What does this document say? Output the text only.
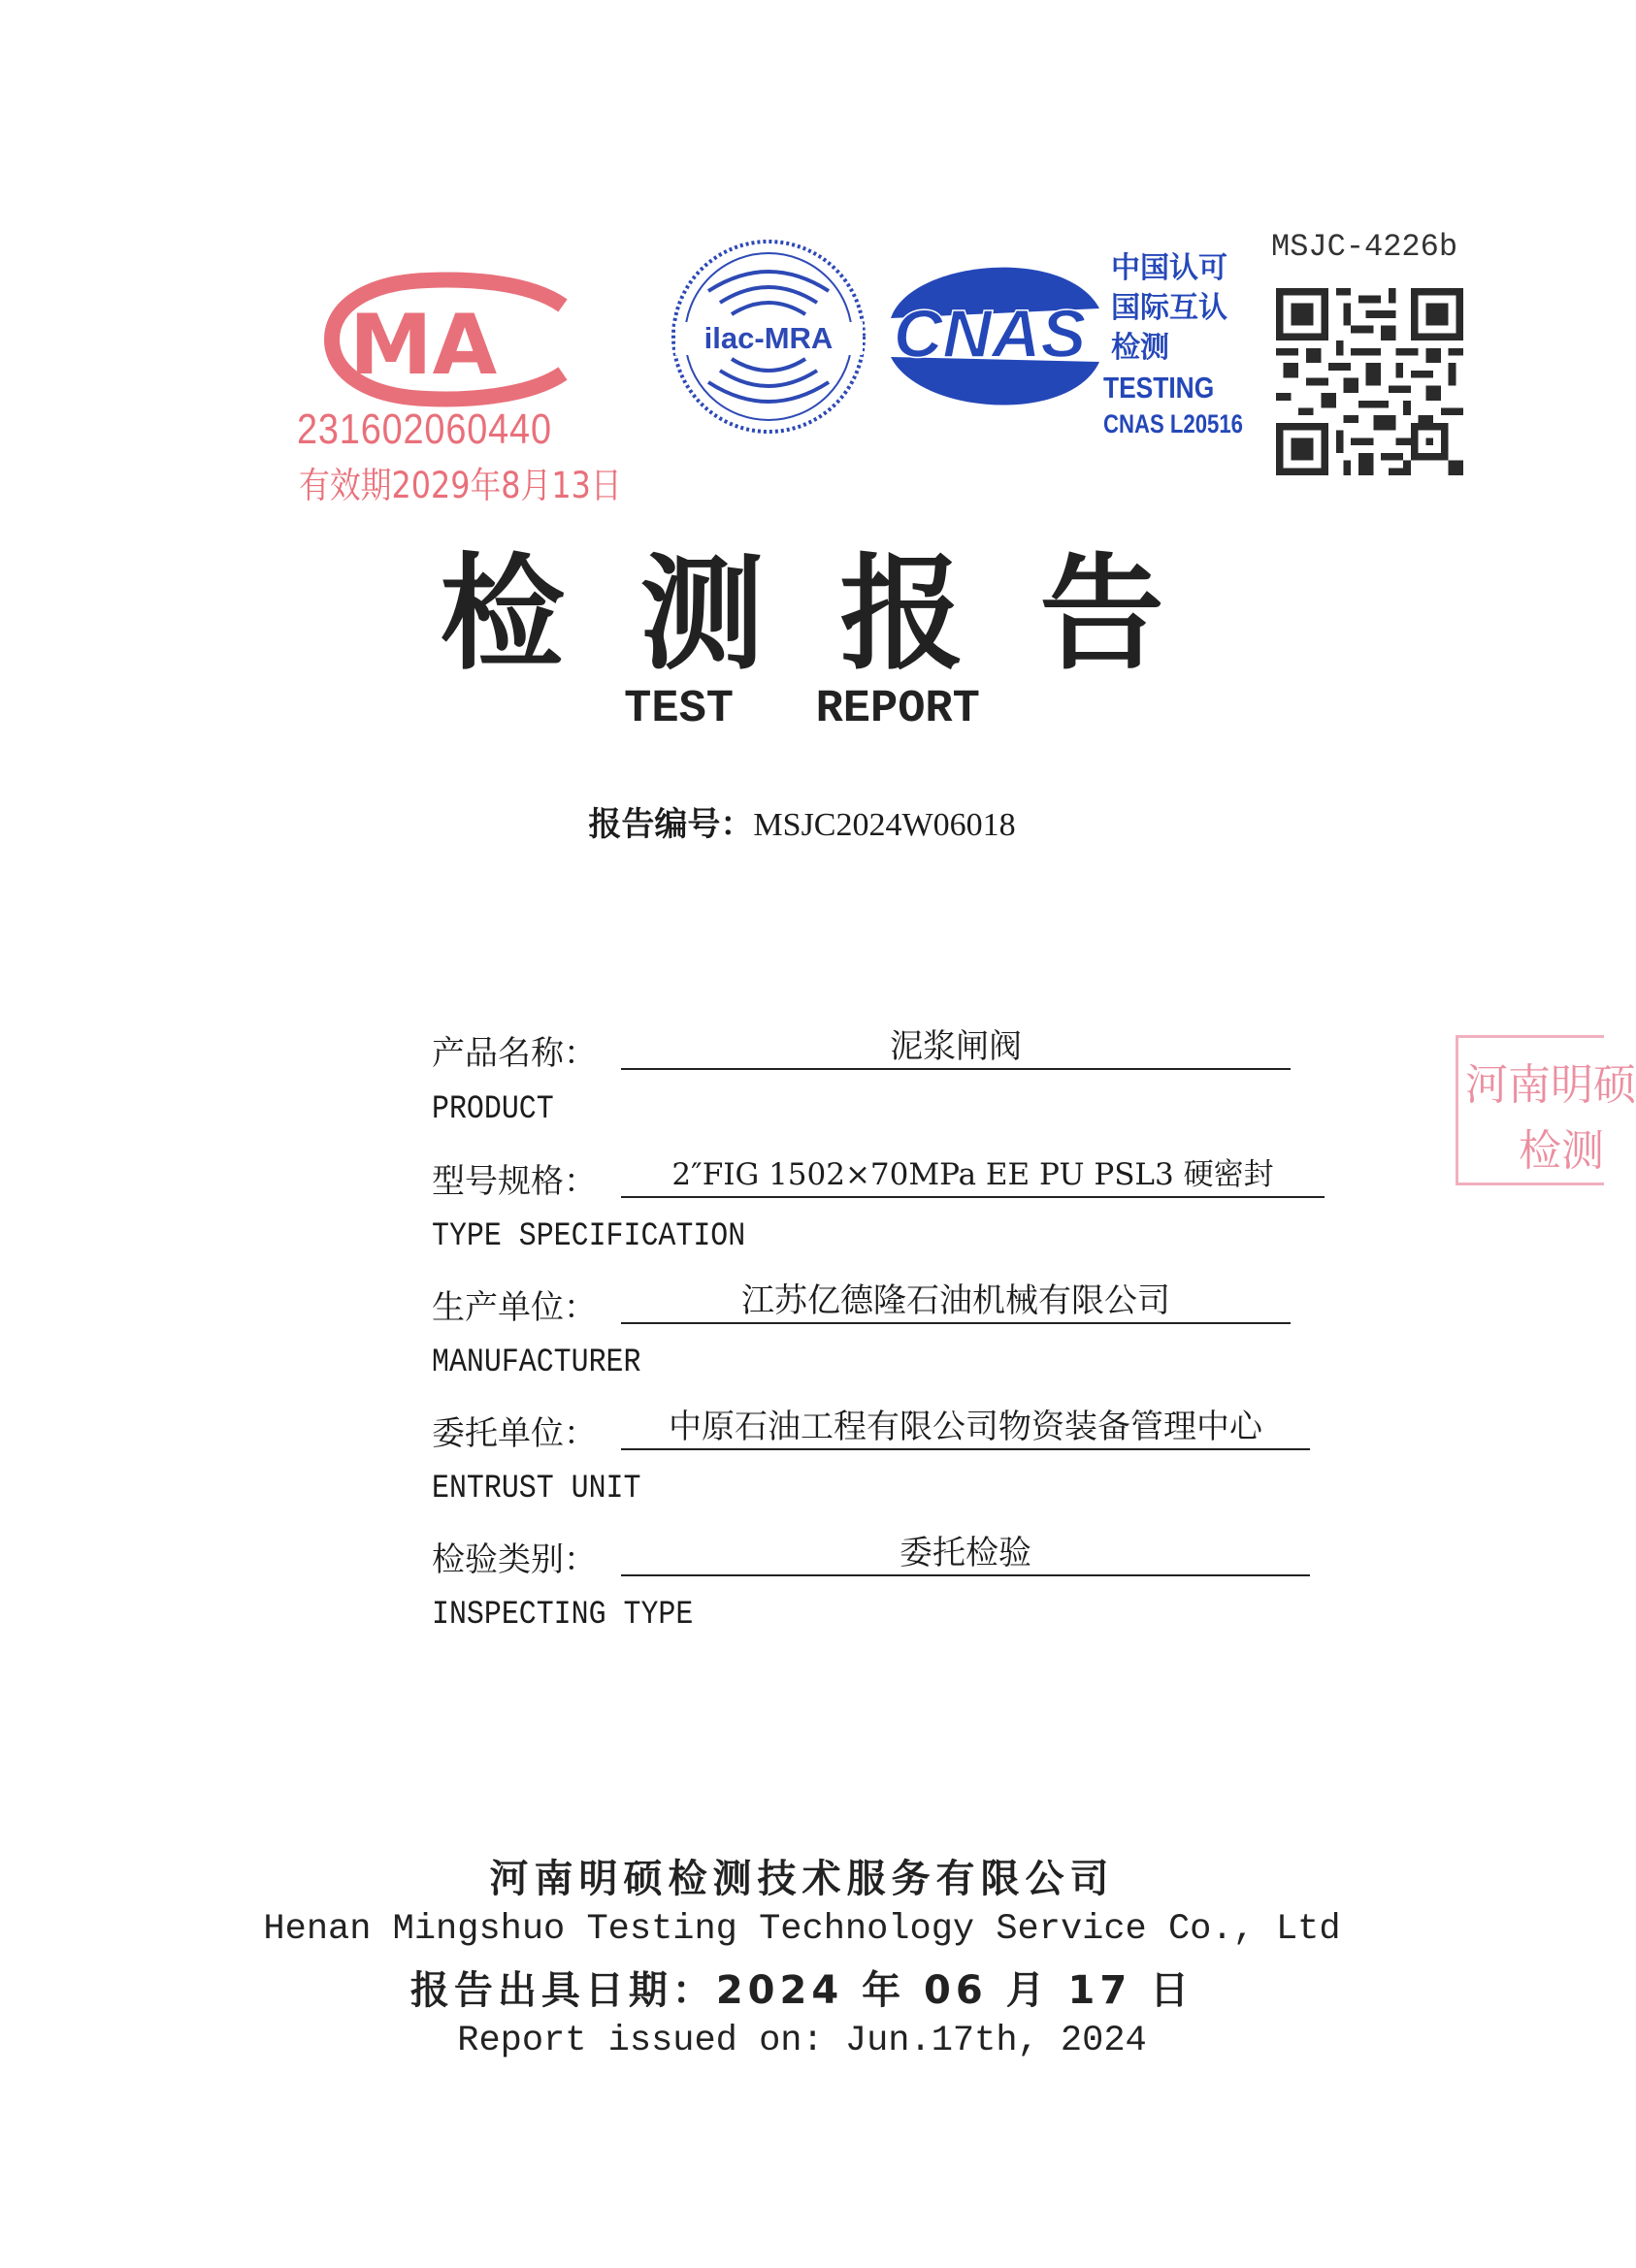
MA
231602060440
有效期2029年8月13日
ilac-MRA CNAS
中国认可
国际互认
检测
TESTING
CNAS L20516
MSJC-4226b
检测报告
TEST   REPORT
报告编号：MSJC2024W06018
产品名称：	泥浆闸阀
PRODUCT
型号规格：	2″FIG 1502×70MPa EE PU PSL3 硬密封
TYPE SPECIFICATION
生产单位：	江苏亿德隆石油机械有限公司
MANUFACTURER
委托单位：	中原石油工程有限公司物资装备管理中心
ENTRUST UNIT
检验类别：	委托检验
INSPECTING TYPE
河南明硕
检测
河南明硕检测技术服务有限公司
Henan Mingshuo Testing Technology Service Co., Ltd
报告出具日期：2024 年 06 月 17 日
Report issued on: Jun.17th, 2024
